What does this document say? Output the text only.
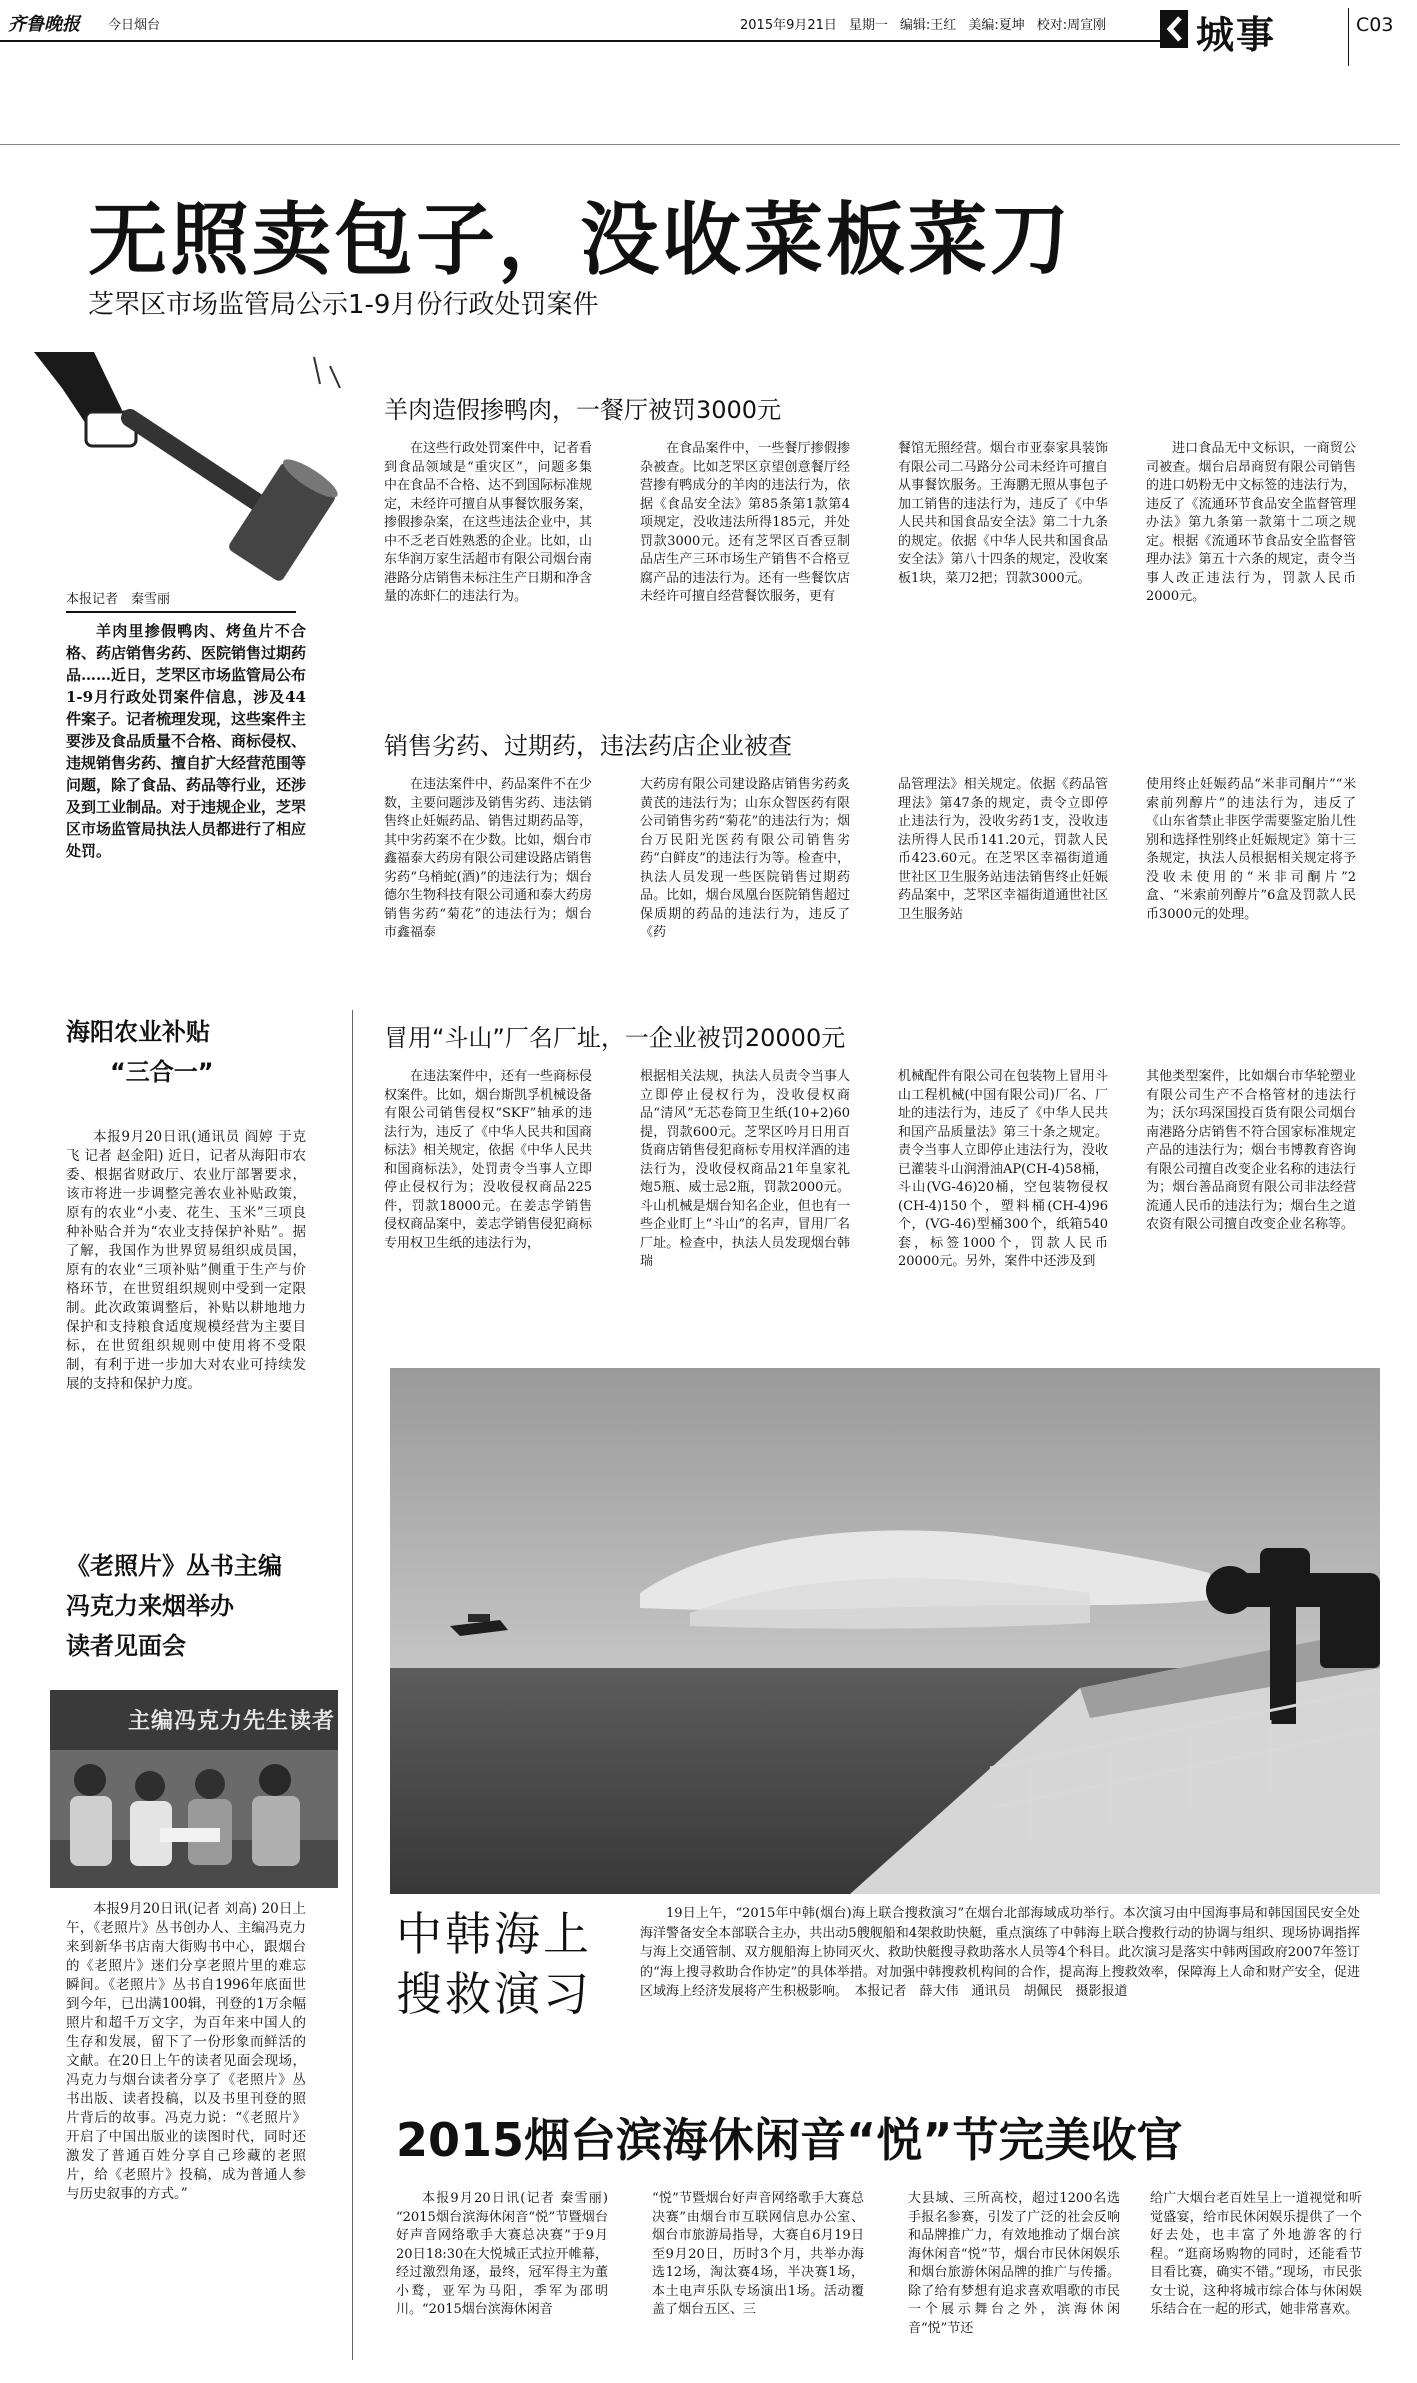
齐鲁晚报 今日烟台	2015年9月21日 星期一 编辑:王红 美编:夏坤 校对:周宣刚 城事	C03
无照卖包子，没收菜板菜刀
芝罘区市场监管局公示1-9月份行政处罚案件
本报记者　秦雪丽
羊肉里掺假鸭肉、烤鱼片不合格、药店销售劣药、医院销售过期药品……近日，芝罘区市场监管局公布1-9月行政处罚案件信息，涉及44件案子。记者梳理发现，这些案件主要涉及食品质量不合格、商标侵权、违规销售劣药、擅自扩大经营范围等问题，除了食品、药品等行业，还涉及到工业制品。对于违规企业，芝罘区市场监管局执法人员都进行了相应处罚。
羊肉造假掺鸭肉，一餐厅被罚3000元
在这些行政处罚案件中，记者看到食品领域是“重灾区”，问题多集中在食品不合格、达不到国际标准规定，未经许可擅自从事餐饮服务案，掺假掺杂案，在这些违法企业中，其中不乏老百姓熟悉的企业。比如，山东华润万家生活超市有限公司烟台南港路分店销售未标注生产日期和净含量的冻虾仁的违法行为。
在食品案件中，一些餐厅掺假掺杂被查。比如芝罘区京望创意餐厅经营掺有鸭成分的羊肉的违法行为，依据《食品安全法》第85条第1款第4项规定，没收违法所得185元，并处罚款3000元。还有芝罘区百香豆制品店生产三环市场生产销售不合格豆腐产品的违法行为。还有一些餐饮店未经许可擅自经营餐饮服务，更有
餐馆无照经营。烟台市亚泰家具装饰有限公司二马路分公司未经许可擅自从事餐饮服务。王海鹏无照从事包子加工销售的违法行为，违反了《中华人民共和国食品安全法》第二十九条的规定。依据《中华人民共和国食品安全法》第八十四条的规定，没收案板1块，菜刀2把；罚款3000元。
进口食品无中文标识，一商贸公司被查。烟台启昂商贸有限公司销售的进口奶粉无中文标签的违法行为，违反了《流通环节食品安全监督管理办法》第九条第一款第十二项之规定。根据《流通环节食品安全监督管理办法》第五十六条的规定，责令当事人改正违法行为，罚款人民币2000元。
销售劣药、过期药，违法药店企业被查
在违法案件中，药品案件不在少数，主要问题涉及销售劣药、违法销售终止妊娠药品、销售过期药品等，其中劣药案不在少数。比如，烟台市鑫福泰大药房有限公司建设路店销售劣药“乌梢蛇(酒)”的违法行为；烟台德尔生物科技有限公司通和泰大药房销售劣药“菊花”的违法行为；烟台市鑫福泰
大药房有限公司建设路店销售劣药炙黄芪的违法行为；山东众智医药有限公司销售劣药“菊花”的违法行为；烟台万民阳光医药有限公司销售劣药“白鲜皮”的违法行为等。检查中，执法人员发现一些医院销售过期药品。比如，烟台凤凰台医院销售超过保质期的药品的违法行为，违反了《药
品管理法》相关规定。依据《药品管理法》第47条的规定，责令立即停止违法行为，没收劣药1支，没收违法所得人民币141.20元，罚款人民币423.60元。在芝罘区幸福街道通世社区卫生服务站违法销售终止妊娠药品案中，芝罘区幸福街道通世社区卫生服务站
使用终止妊娠药品“米非司酮片”“米索前列醇片”的违法行为，违反了《山东省禁止非医学需要鉴定胎儿性别和选择性别终止妊娠规定》第十三条规定，执法人员根据相关规定将予没收未使用的“米非司酮片”2盒、“米索前列醇片”6盒及罚款人民币3000元的处理。
冒用“斗山”厂名厂址，一企业被罚20000元
在违法案件中，还有一些商标侵权案件。比如，烟台斯凯孚机械设备有限公司销售侵权“SKF”轴承的违法行为，违反了《中华人民共和国商标法》相关规定，依据《中华人民共和国商标法》，处罚责令当事人立即停止侵权行为；没收侵权商品225件，罚款18000元。在姜志学销售侵权商品案中，姜志学销售侵犯商标专用权卫生纸的违法行为，
根据相关法规，执法人员责令当事人立即停止侵权行为，没收侵权商品“清风”无芯卷筒卫生纸(10+2)60提，罚款600元。芝罘区吟月日用百货商店销售侵犯商标专用权洋酒的违法行为，没收侵权商品21年皇家礼炮5瓶、威士忌2瓶，罚款2000元。斗山机械是烟台知名企业，但也有一些企业盯上“斗山”的名声，冒用厂名厂址。检查中，执法人员发现烟台韩瑞
机械配件有限公司在包装物上冒用斗山工程机械(中国有限公司)厂名、厂址的违法行为，违反了《中华人民共和国产品质量法》第三十条之规定。责令当事人立即停止违法行为，没收已灌装斗山润滑油AP(CH-4)58桶，斗山(VG-46)20桶，空包装物侵权(CH-4)150个，塑料桶(CH-4)96个，(VG-46)型桶300个，纸箱540套，标签1000个，罚款人民币20000元。另外，案件中还涉及到
其他类型案件，比如烟台市华轮塑业有限公司生产不合格管材的违法行为；沃尔玛深国投百货有限公司烟台南港路分店销售不符合国家标准规定产品的违法行为；烟台韦博教育咨询有限公司擅自改变企业名称的违法行为；烟台善品商贸有限公司非法经营流通人民币的违法行为；烟台生之道农资有限公司擅自改变企业名称等。
海阳农业补贴
“三合一”
本报9月20日讯(通讯员 阎婷 于克飞 记者 赵金阳) 近日，记者从海阳市农委、根据省财政厅、农业厅部署要求，该市将进一步调整完善农业补贴政策，原有的农业“小麦、花生、玉米”三项良种补贴合并为“农业支持保护补贴”。据了解，我国作为世界贸易组织成员国，原有的农业“三项补贴”侧重于生产与价格环节，在世贸组织规则中受到一定限制。此次政策调整后，补贴以耕地地力保护和支持粮食适度规模经营为主要目标，在世贸组织规则中使用将不受限制，有利于进一步加大对农业可持续发展的支持和保护力度。
《老照片》丛书主编
冯克力来烟举办
读者见面会
主编冯克力先生读者
本报9月20日讯(记者 刘高) 20日上午，《老照片》丛书创办人、主编冯克力来到新华书店南大街购书中心，跟烟台的《老照片》迷们分享老照片里的难忘瞬间。《老照片》丛书自1996年底面世到今年，已出满100辑，刊登的1万余幅照片和超千万文字，为百年来中国人的生存和发展，留下了一份形象而鲜活的文献。在20日上午的读者见面会现场，冯克力与烟台读者分享了《老照片》丛书出版、读者投稿，以及书里刊登的照片背后的故事。冯克力说：“《老照片》开启了中国出版业的读图时代，同时还激发了普通百姓分享自己珍藏的老照片，给《老照片》投稿，成为普通人参与历史叙事的方式。”
中韩海上
搜救演习
19日上午，“2015年中韩(烟台)海上联合搜救演习”在烟台北部海域成功举行。本次演习由中国海事局和韩国国民安全处海洋警备安全本部联合主办，共出动5艘舰船和4架救助快艇，重点演练了中韩海上联合搜救行动的协调与组织、现场协调指挥与海上交通管制、双方舰船海上协同灭火、救助快艇搜寻救助落水人员等4个科目。此次演习是落实中韩两国政府2007年签订的“海上搜寻救助合作协定”的具体举措。对加强中韩搜救机构间的合作，提高海上搜救效率，保障海上人命和财产安全，促进区域海上经济发展将产生积极影响。　本报记者　薛大伟　通讯员　胡佩民　摄影报道
2015烟台滨海休闲音“悦”节完美收官
本报9月20日讯(记者 秦雪丽) “2015烟台滨海休闲音“悦”节暨烟台好声音网络歌手大赛总决赛”于9月20日18:30在大悦城正式拉开帷幕，经过激烈角逐，最终，冠军得主为董小鹜，亚军为马阳，季军为邵明川。“2015烟台滨海休闲音
“悦”节暨烟台好声音网络歌手大赛总决赛”由烟台市互联网信息办公室、烟台市旅游局指导，大赛自6月19日至9月20日，历时3个月，共举办海选12场，淘汰赛4场，半决赛1场，本土电声乐队专场演出1场。活动覆盖了烟台五区、三
大县域、三所高校，超过1200名选手报名参赛，引发了广泛的社会反响和品牌推广力，有效地推动了烟台滨海休闲音“悦”节，烟台市民休闲娱乐和烟台旅游休闲品牌的推广与传播。除了给有梦想有追求喜欢唱歌的市民一个展示舞台之外，滨海休闲音“悦”节还
给广大烟台老百姓呈上一道视觉和听觉盛宴，给市民休闲娱乐提供了一个好去处，也丰富了外地游客的行程。“逛商场购物的同时，还能看节目看比赛，确实不错。”现场，市民张女士说，这种将城市综合体与休闲娱乐结合在一起的形式，她非常喜欢。
